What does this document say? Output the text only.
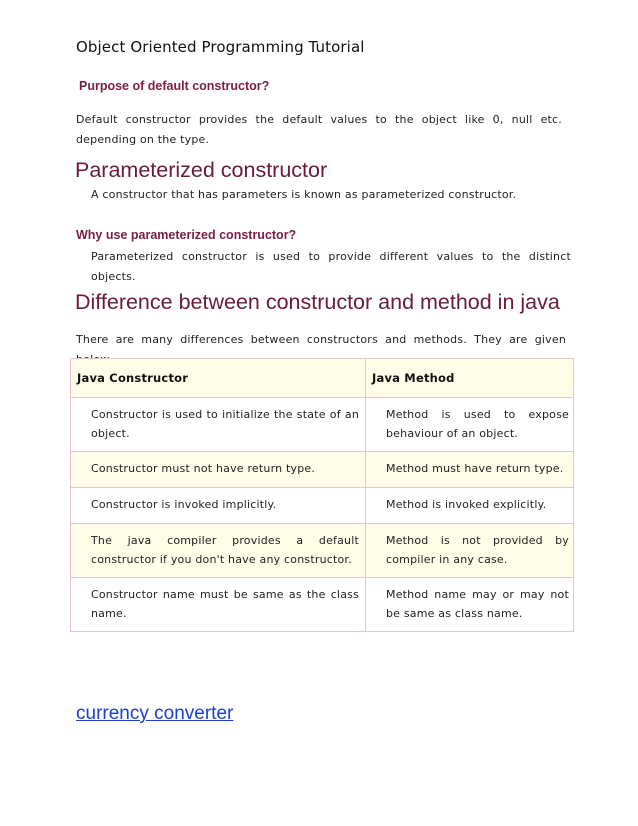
Object Oriented Programming Tutorial
Purpose of default constructor?
Default constructor provides the default values to the object like 0, null etc. depending on the type.
Parameterized constructor
A constructor that has parameters is known as parameterized constructor.
Why use parameterized constructor?
Parameterized constructor is used to provide different values to the distinct objects.
Difference between constructor and method in java
There are many differences between constructors and methods. They are given
Java Constructor	Java Method
Constructor is used to initialize the state of an object.	Method is used to expose behaviour of an object.
Constructor must not have return type.	Method must have return type.
Constructor is invoked implicitly.	Method is invoked explicitly.
The java compiler provides a default constructor if you don't have any constructor.	Method is not provided by compiler in any case.
Constructor name must be same as the class name.	Method name may or may not be same as class name.
currency converter
